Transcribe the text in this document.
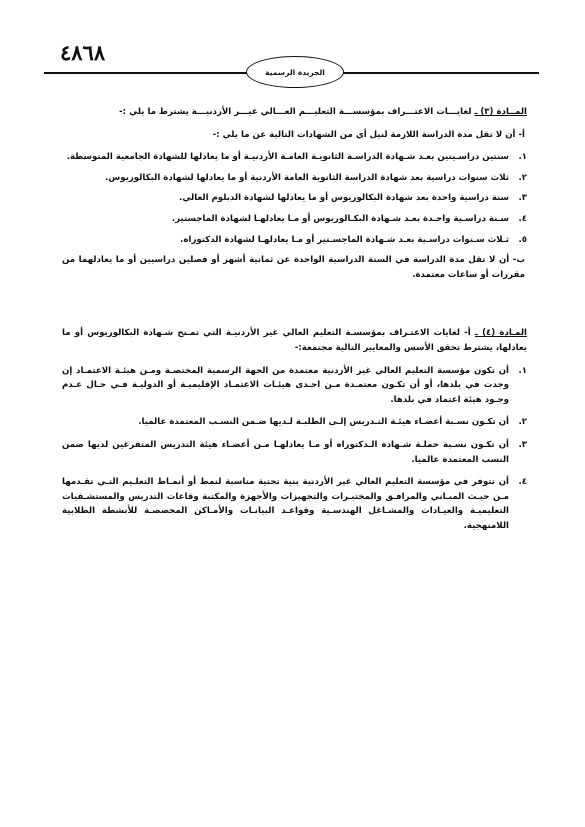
٤٨٦٨
الجريدة الرسمية

المــادة (٣) ـ لغايـــات الاعتـــراف بمؤسســـة التعليـــم العـــالي غيـــر الأردنيـــة يشترط ما يلي :-

أ- أن لا تقل مدة الدراسة اللازمة لنيل أي من الشهادات التالية عن ما يلي :-

١.
سنتين دراسـيتين بعـد شـهادة الدراسـة الثانويـة العامـة الأردنيـة أو ما يعادلها للشهادة الجامعية المتوسطة.

٢.
ثلاث سنوات دراسية بعد شهادة الدراسة الثانوية العامة الأردنية أو ما يعادلها لشهادة البكالوريوس.

٣.
سنة دراسية واحدة بعد شهادة البكالوريوس أو ما يعادلها لشهادة الدبلوم العالي.

٤.
سـنة دراسـية واحـدة بعـد شـهادة البكـالوريوس أو مـا يعادلهـا لشهادة الماجستير.

٥.
ثـلاث سـنوات دراسـية بعـد شـهادة الماجسـتير أو مـا يعادلهـا لشهادة الدكتوراه.

ب- أن لا تقل مدة الدراسة في السنة الدراسية الواحدة عن ثمانية أشهر أو فصلين دراسيين أو ما يعادلهما من مقررات أو ساعات معتمدة.

المـادة (٤) ـ أ- لغايات الاعتـراف بمؤسسـة التعليم العالي غير الأردنيـة التي تمـنح شـهادة البكالوريوس أو ما يعادلها، يشترط تحقق الأسس والمعايير التالية مجتمعة:-

١.
أن تكون مؤسسة التعليم العالي غير الأردنية معتمدة من الجهة الرسمية المختصـة ومـن هيئـة الاعتمـاد إن وجدت في بلدها، أو أن تكـون معتمـدة مـن احـدى هيئـات الاعتمـاد الإقليميـة أو الدوليـة فـي حـال عـدم وجـود هيئة اعتماد في بلدها.

٢.
أن تكـون نسـبة أعضـاء هيئـة التـدريس إلـى الطلبـة لـديها ضـمن النسـب المعتمدة عالميا.

٣.
أن تكـون نسـبة حملـة شـهادة الـدكتوراه أو مـا يعادلهـا مـن أعضـاء هيئة التدريس المتفرغين لديها ضمن النسب المعتمدة عالميا.

٤.
أن تتوفر في مؤسسة التعليم العالي غير الأردنية بنية تحتية مناسبة لنمط أو أنمـاط التعلـيم التـي تقـدمها مـن حيـث المبـاني والمرافـق والمختبـرات والتجهيزات والأجهزة والمكتبة وقاعات التدريس والمستشـفيات التعليميـة والعيـادات والمشـاغل الهندسـية وقواعـد البيانـات والأمـاكن المخصصـة للأنشطة الطلابية اللامنهجية.
